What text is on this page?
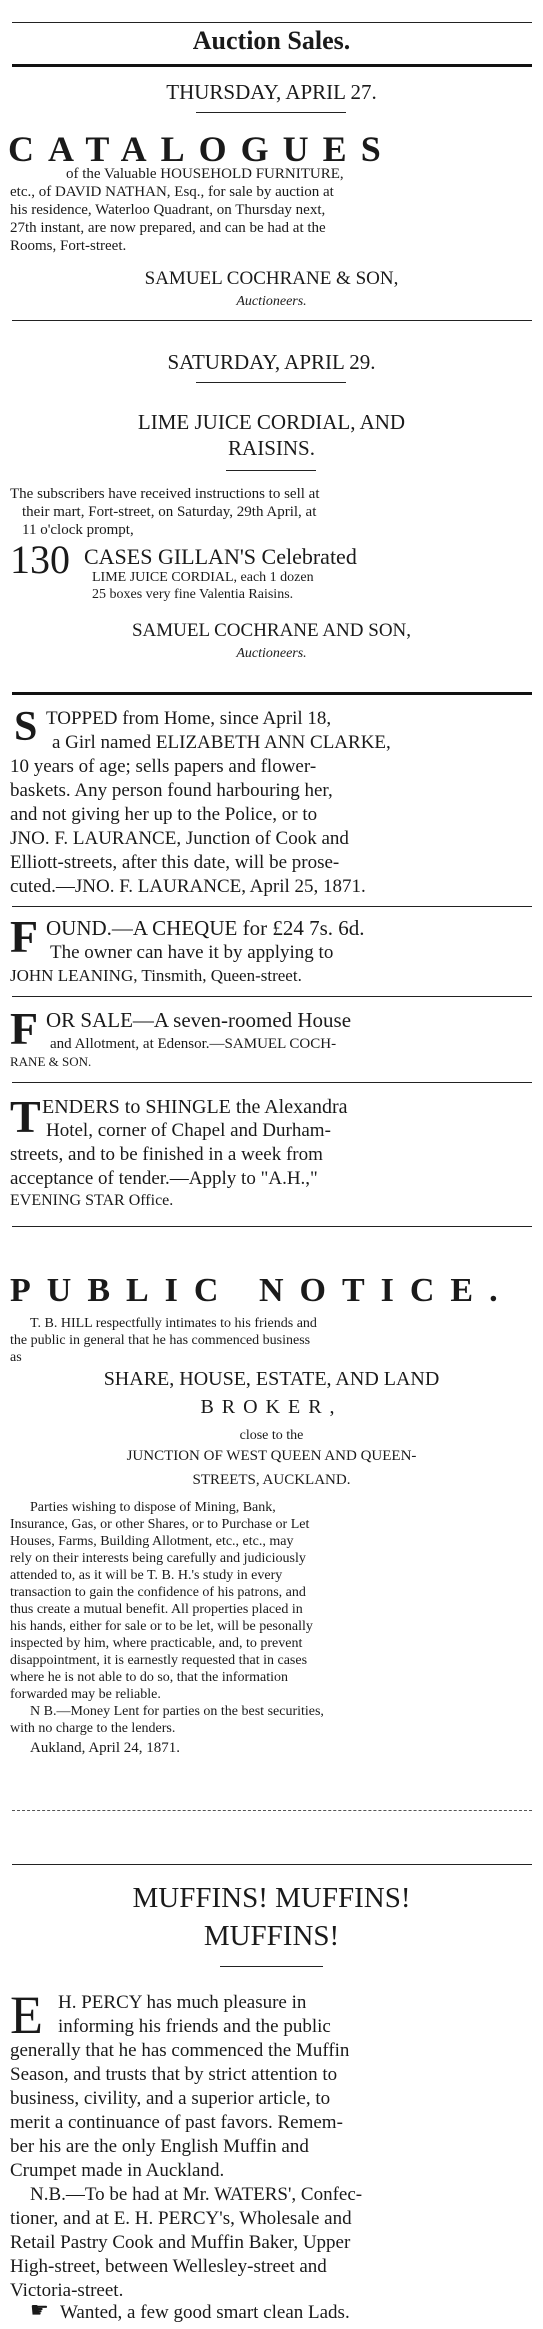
Auction Sales.
THURSDAY, APRIL 27.
CATALOGUES
of the Valuable HOUSEHOLD FURNITURE,
etc., of DAVID NATHAN, Esq., for sale by auction at
his residence, Waterloo Quadrant, on Thursday next,
27th instant, are now prepared, and can be had at the
Rooms, Fort-street.
SAMUEL COCHRANE & SON,
Auctioneers.
SATURDAY, APRIL 29.
LIME JUICE CORDIAL, AND
RAISINS.
The subscribers have received instructions to sell at
their mart, Fort-street, on Saturday, 29th April, at
11 o'clock prompt,
130 CASES GILLAN'S Celebrated
LIME JUICE CORDIAL, each 1 dozen
25 boxes very fine Valentia Raisins.
SAMUEL COCHRANE AND SON,
Auctioneers.
S TOPPED from Home, since April 18,
a Girl named ELIZABETH ANN CLARKE,
10 years of age; sells papers and flower-
baskets. Any person found harbouring her,
and not giving her up to the Police, or to
JNO. F. LAURANCE, Junction of Cook and
Elliott-streets, after this date, will be prose-
cuted.—JNO. F. LAURANCE, April 25, 1871.
F OUND.—A CHEQUE for £24 7s. 6d.
The owner can have it by applying to
JOHN LEANING, Tinsmith, Queen-street.
F OR SALE—A seven-roomed House
and Allotment, at Edensor.—SAMUEL COCH-
RANE & SON.
T ENDERS to SHINGLE the Alexandra
Hotel, corner of Chapel and Durham-
streets, and to be finished in a week from
acceptance of tender.—Apply to "A.H.,"
EVENING STAR Office.
PUBLIC NOTICE.
T. B. HILL respectfully intimates to his friends and
the public in general that he has commenced business
as
SHARE, HOUSE, ESTATE, AND LAND
BROKER,
close to the
JUNCTION OF WEST QUEEN AND QUEEN-
STREETS, AUCKLAND.
Parties wishing to dispose of Mining, Bank,
Insurance, Gas, or other Shares, or to Purchase or Let
Houses, Farms, Building Allotment, etc., etc., may
rely on their interests being carefully and judiciously
attended to, as it will be T. B. H.'s study in every
transaction to gain the confidence of his patrons, and
thus create a mutual benefit. All properties placed in
his hands, either for sale or to be let, will be pesonally
inspected by him, where practicable, and, to prevent
disappointment, it is earnestly requested that in cases
where he is not able to do so, that the information
forwarded may be reliable.
N B.—Money Lent for parties on the best securities,
with no charge to the lenders.
Aukland, April 24, 1871.
MUFFINS! MUFFINS!
MUFFINS!
E H. PERCY has much pleasure in
informing his friends and the public
generally that he has commenced the Muffin
Season, and trusts that by strict attention to
business, civility, and a superior article, to
merit a continuance of past favors. Remem-
ber his are the only English Muffin and
Crumpet made in Auckland.
N.B.—To be had at Mr. WATERS', Confec-
tioner, and at E. H. PERCY's, Wholesale and
Retail Pastry Cook and Muffin Baker, Upper
High-street, between Wellesley-street and
Victoria-street.
☛ Wanted, a few good smart clean Lads.
